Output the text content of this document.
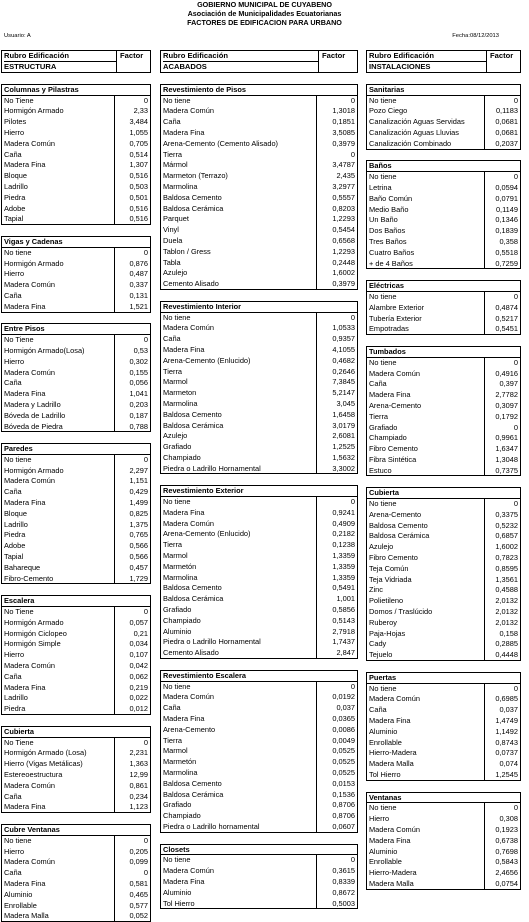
GOBIERNO MUNICIPAL DE CUYABENO
Asociación de Municipalidades Ecuatorianas
FACTORES DE EDIFICACION PARA URBANO
Usuario: A	Fecha:08/12/2013
Rubro Edificación
ESTRUCTURA
Factor
Columnas y Pilastras
No Tiene	0
Hormigón Armado	2,33
Pilotes	3,484
Hierro	1,055
Madera Común	0,705
Caña	0,514
Madera Fina	1,307
Bloque	0,516
Ladrillo	0,503
Piedra	0,501
Adobe	0,516
Tapial	0,516
Vigas y Cadenas
No tiene	0
Hormigón Armado	0,876
Hierro	0,487
Madera Común	0,337
Caña	0,131
Madera Fina	1,521
Entre Pisos
No Tiene	0
Hormigón Armado(Losa)	0,53
Hierro	0,302
Madera Común	0,155
Caña	0,056
Madera Fina	1,041
Madera y Ladrillo	0,203
Bóveda de Ladrillo	0,187
Bóveda de Piedra	0,788
Paredes
No tiene	0
Hormigón Armado	2,297
Madera Común	1,151
Caña	0,429
Madera Fina	1,499
Bloque	0,825
Ladrillo	1,375
Piedra	0,765
Adobe	0,566
Tapial	0,566
Bahareque	0,457
Fibro-Cemento	1,729
Escalera
No Tiene	0
Hormigón Armado	0,057
Hormigón Ciclopeo	0,21
Hormigón Simple	0,034
Hierro	0,107
Madera Común	0,042
Caña	0,062
Madera Fina	0,219
Ladrillo	0,022
Piedra	0,012
Cubierta
No Tiene	0
Hormigón Armado (Losa)	2,231
Hierro (Vigas Metálicas)	1,363
Estereoestructura	12,99
Madera Común	0,861
Caña	0,234
Madera Fina	1,123
Cubre Ventanas
No tiene	0
Hierro	0,205
Madera Común	0,099
Caña	0
Madera Fina	0,581
Aluminio	0,465
Enrollable	0,577
Madera Malla	0,052
Rubro Edificación
ACABADOS
Factor
Revestimiento de Pisos
No tiene	0
Madera Común	1,3018
Caña	0,1851
Madera Fina	3,5085
Arena-Cemento (Cemento Alisado)	0,3979
Tierra	0
Mármol	3,4787
Marmeton (Terrazo)	2,435
Marmolina	3,2977
Baldosa Cemento	0,5557
Baldosa Cerámica	0,8203
Parquet	1,2293
Vinyl	0,5454
Duela	0,6568
Tablon / Gress	1,2293
Tabla	0,2448
Azulejo	1,6002
Cemento Alisado	0,3979
Revestimiento Interior
No tiene	0
Madera Común	1,0533
Caña	0,9357
Madera Fina	4,1055
Arena-Cemento (Enlucido)	0,4682
Tierra	0,2646
Marmol	7,3845
Marmeton	5,2147
Marmolina	3,045
Baldosa Cemento	1,6458
Baldosa Cerámica	3,0179
Azulejo	2,6081
Grafiado	1,2525
Champiado	1,5632
Piedra o Ladrillo Hornamental	3,3002
Revestimiento Exterior
No tiene	0
Madera Fina	0,9241
Madera Común	0,4909
Arena-Cemento (Enlucido)	0,2182
Tierra	0,1238
Marmol	1,3359
Marmetón	1,3359
Marmolina	1,3359
Baldosa Cemento	0,5491
Baldosa Cerámica	1,001
Grafiado	0,5856
Champiado	0,5143
Aluminio	2,7918
Piedra o Ladrillo Hornamental	1,7437
Cemento Alisado	2,847
Revestimiento Escalera
No tiene	0
Madera Común	0,0192
Caña	0,037
Madera Fina	0,0365
Arena-Cemento	0,0086
Tierra	0,0049
Marmol	0,0525
Marmetón	0,0525
Marmolina	0,0525
Baldosa Cemento	0,0153
Baldosa Cerámica	0,1536
Grafiado	0,8706
Champiado	0,8706
Piedra o Ladrillo hornamental	0,0607
Closets
No tiene	0
Madera Común	0,3615
Madera Fina	0,8339
Aluminio	0,8672
Tol Hierro	0,5003
Rubro Edificación
INSTALACIONES
Factor
Sanitarias
No tiene	0
Pozo Ciego	0,1183
Canalización Aguas Servidas	0,0681
Canalización Aguas Lluvias	0,0681
Canalización Combinado	0,2037
Baños
No tiene	0
Letrina	0,0594
Baño Común	0,0791
Medio Baño	0,1149
Un Baño	0,1346
Dos Baños	0,1839
Tres Baños	0,358
Cuatro Baños	0,5518
+ de 4 Baños	0,7259
Eléctricas
No tiene	0
Alambre Exterior	0,4874
Tubería Exterior	0,5217
Empotradas	0,5451
Tumbados
No tiene	0
Madera Común	0,4916
Caña	0,397
Madera Fina	2,7782
Arena-Cemento	0,3097
Tierra	0,1792
Grafiado	0
Champiado	0,9961
Fibro Cemento	1,6347
Fibra Sintética	1,3048
Estuco	0,7375
Cubierta
No tiene	0
Arena-Cemento	0,3375
Baldosa Cemento	0,5232
Baldosa Cerámica	0,6857
Azulejo	1,6002
Fibro Cemento	0,7823
Teja Común	0,8595
Teja Vidriada	1,3561
Zinc	0,4588
Polietileno	2,0132
Domos / Traslúcido	2,0132
Ruberoy	2,0132
Paja-Hojas	0,158
Cady	0,2885
Tejuelo	0,4448
Puertas
No tiene	0
Madera Común	0,6985
Caña	0,037
Madera Fina	1,4749
Aluminio	1,1492
Enrollable	0,8743
Hierro-Madera	0,0737
Madera Malla	0,074
Tol Hierro	1,2545
Ventanas
No tiene	0
Hierro	0,308
Madera Común	0,1923
Madera Fina	0,6738
Aluminio	0,7698
Enrollable	0,5843
Hierro-Madera	2,4656
Madera Malla	0,0754
